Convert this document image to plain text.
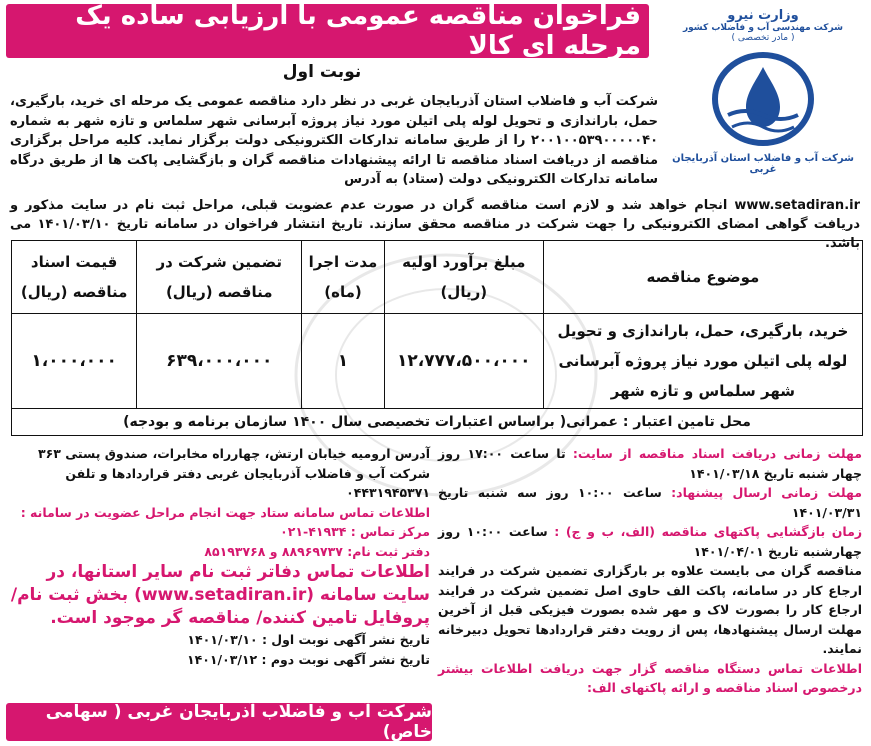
فراخوان مناقصه عمومی با ارزیابی ساده یک مرحله ای کالا
نوبت اول
وزارت نیرو
شرکت مهندسی آب و فاضلاب کشور
( مادر تخصصی )
شرکت آب و فاضلاب استان آذربایجان غربی
شرکت آب و فاضلاب استان آذربایجان غربی در نظر دارد مناقصه عمومی یک مرحله ای خرید، بارگیری، حمل، باراندازی و تحویل لوله پلی اتیلن مورد نیاز پروژه آبرسانی شهر سلماس و تازه شهر به شماره ۲۰۰۱۰۰۵۳۹۰۰۰۰۰۴۰ را از طریق سامانه تدارکات الکترونیکی دولت برگزار نماید. کلیه مراحل برگزاری مناقصه از دریافت اسناد مناقصه تا ارائه پیشنهادات مناقصه گران و بازگشایی پاکت ها از طریق درگاه سامانه تدارکات الکترونیکی دولت (ستاد) به آدرس
www.setadiran.ir انجام خواهد شد و لازم است مناقصه گران در صورت عدم عضویت قبلی، مراحل ثبت نام در سایت مذکور و دریافت گواهی امضای الکترونیکی را جهت شرکت در مناقصه محقق سازند. تاریخ انتشار فراخوان در سامانه تاریخ ۱۴۰۱/۰۳/۱۰ می باشد.
موضوع مناقصه	مبلغ برآورد اولیه (ریال)	مدت اجرا (ماه)	تضمین شرکت در مناقصه (ریال)	قیمت اسناد مناقصه (ریال)
خرید، بارگیری، حمل، باراندازی و تحویل لوله پلی اتیلن مورد نیاز پروژه آبرسانی شهر سلماس و تازه شهر	۱۲،۷۷۷،۵۰۰،۰۰۰	۱	۶۳۹،۰۰۰،۰۰۰	۱،۰۰۰،۰۰۰
محل تامین اعتبار : عمرانی( براساس اعتبارات تخصیصی سال ۱۴۰۰ سازمان برنامه و بودجه)				

مهلت زمانی دریافت اسناد مناقصه از سایت: تا ساعت ۱۷:۰۰ روز چهار شنبه تاریخ ۱۴۰۱/۰۳/۱۸

مهلت زمانی ارسال پیشنهاد: ساعت ۱۰:۰۰ روز سه شنبه تاریخ ۱۴۰۱/۰۳/۳۱

زمان بازگشایی پاکتهای مناقصه (الف، ب و ج) : ساعت ۱۰:۰۰ روز چهارشنبه تاریخ ۱۴۰۱/۰۴/۰۱

مناقصه گران می بایست علاوه بر بارگزاری تضمین شرکت در فرایند ارجاع کار در سامانه، پاکت الف حاوی اصل تضمین شرکت در فرایند ارجاع کار را بصورت لاک و مهر شده بصورت فیزیکی قبل از آخرین مهلت ارسال پیشنهادها، پس از رویت دفتر قراردادها تحویل دبیرخانه نمایند.

اطلاعات تماس دستگاه مناقصه گزار جهت دریافت اطلاعات بیشتر درخصوص اسناد مناقصه و ارائه پاکتهای الف:

آدرس ارومیه خیابان ارتش، چهارراه مخابرات، صندوق پستی ۳۶۳ شرکت آب و فاضلاب آذربایجان غربی دفتر قراردادها و تلفن ۰۴۴۳۱۹۴۵۳۷۱

اطلاعات تماس سامانه ستاد جهت انجام مراحل عضویت در سامانه :

مرکز تماس : ۴۱۹۳۴-۰۲۱

دفتر ثبت نام: ۸۸۹۶۹۷۳۷ و ۸۵۱۹۳۷۶۸

اطلاعات تماس دفاتر ثبت نام سایر استانها، در سایت سامانه (www.setadiran.ir) بخش ثبت نام/پروفایل تامین کننده/ مناقصه گر موجود است.

تاریخ نشر آگهی نوبت اول : ۱۴۰۱/۰۳/۱۰

تاریخ نشر آگهی نوبت دوم : ۱۴۰۱/۰۳/۱۲

شرکت آب و فاضلاب آذربایجان غربی ( سهامی خاص)
